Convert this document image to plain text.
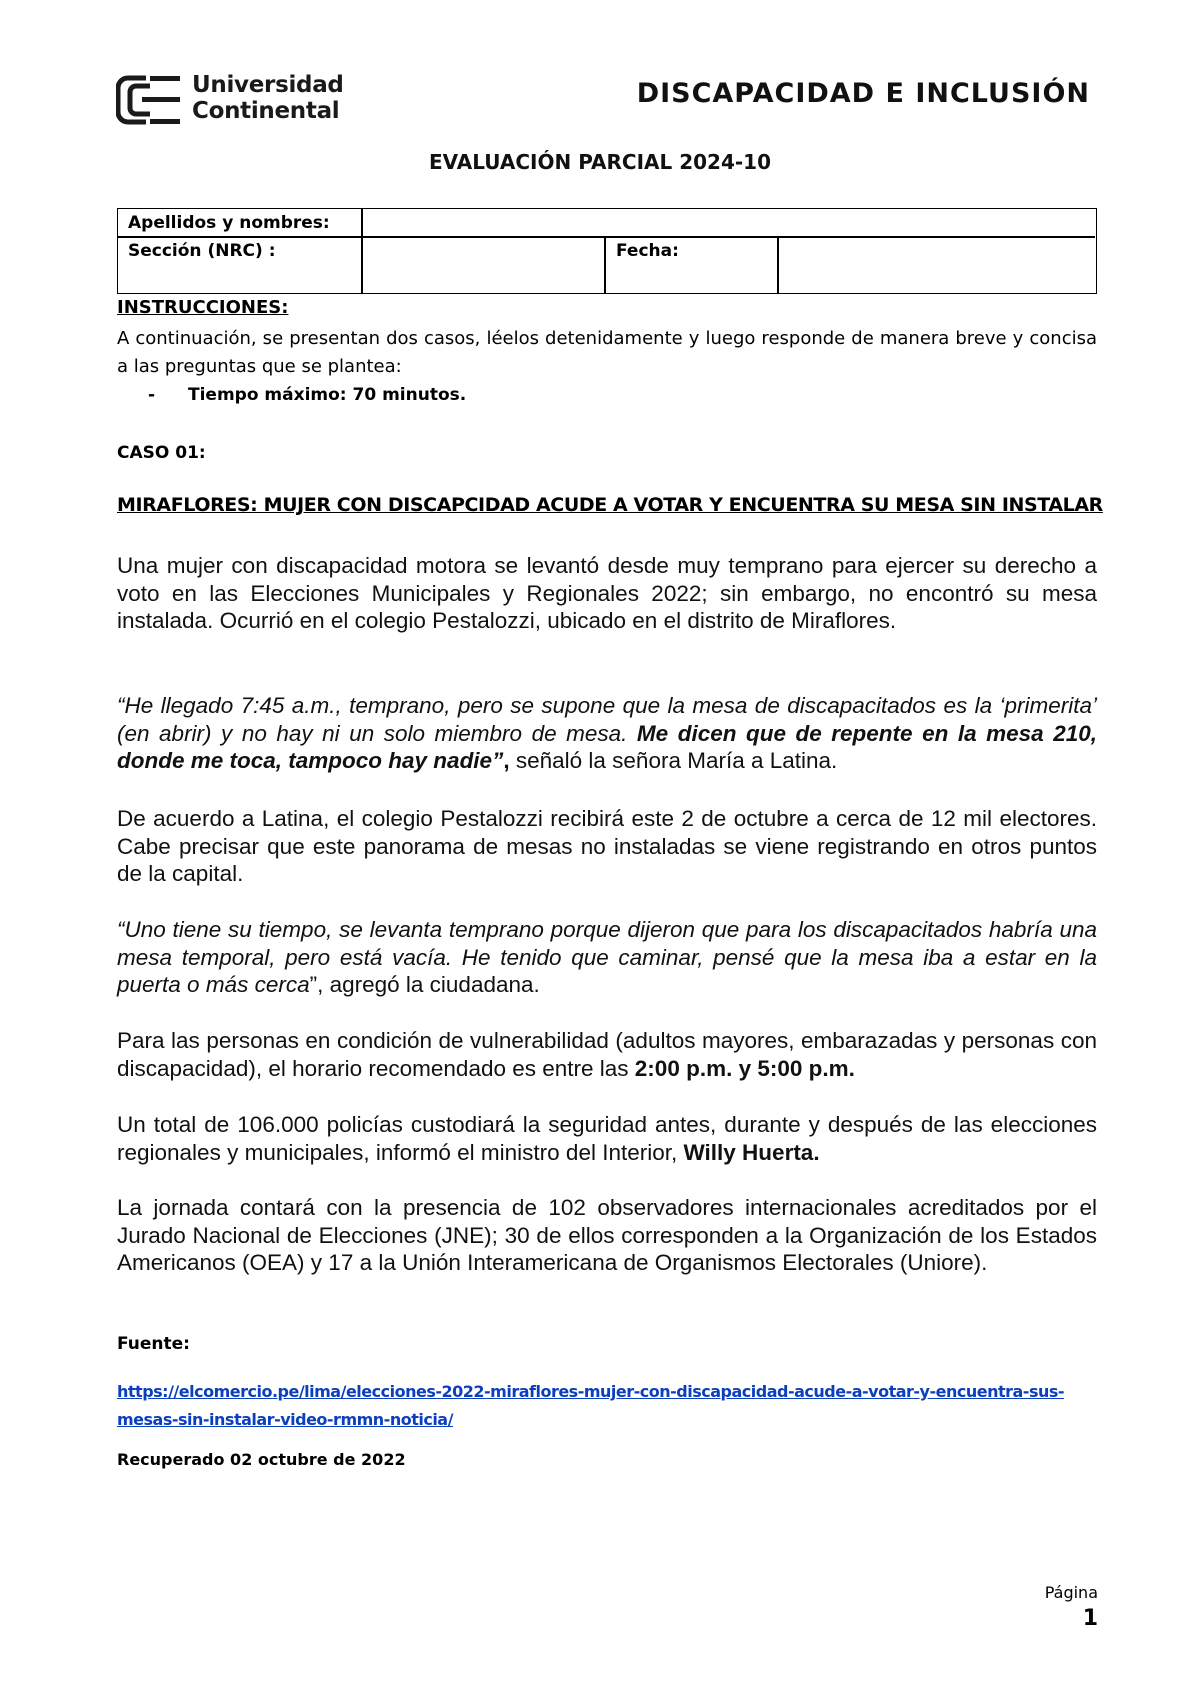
Universidad
Continental
DISCAPACIDAD E INCLUSIÓN
EVALUACIÓN PARCIAL 2024-10
Apellidos y nombres:
Sección (NRC) :	Fecha:
INSTRUCCIONES:
A continuación, se presentan dos casos, léelos detenidamente y luego responde de manera breve y concisa a las preguntas que se plantea:
- Tiempo máximo: 70 minutos.
CASO 01:
MIRAFLORES: MUJER CON DISCAPCIDAD ACUDE A VOTAR Y ENCUENTRA SU MESA SIN INSTALAR
Una mujer con discapacidad motora se levantó desde muy temprano para ejercer su derecho a voto en las Elecciones Municipales y Regionales 2022; sin embargo, no encontró su mesa instalada. Ocurrió en el colegio Pestalozzi, ubicado en el distrito de Miraflores.
“He llegado 7:45 a.m., temprano, pero se supone que la mesa de discapacitados es la ‘primerita’ (en abrir) y no hay ni un solo miembro de mesa. Me dicen que de repente en la mesa 210, donde me toca, tampoco hay nadie”, señaló la señora María a Latina.
De acuerdo a Latina, el colegio Pestalozzi recibirá este 2 de octubre a cerca de 12 mil electores. Cabe precisar que este panorama de mesas no instaladas se viene registrando en otros puntos de la capital.
“Uno tiene su tiempo, se levanta temprano porque dijeron que para los discapacitados habría una mesa temporal, pero está vacía. He tenido que caminar, pensé que la mesa iba a estar en la puerta o más cerca”, agregó la ciudadana.
Para las personas en condición de vulnerabilidad (adultos mayores, embarazadas y personas con discapacidad), el horario recomendado es entre las 2:00 p.m. y 5:00 p.m.
Un total de 106.000 policías custodiará la seguridad antes, durante y después de las elecciones regionales y municipales, informó el ministro del Interior, Willy Huerta.
La jornada contará con la presencia de 102 observadores internacionales acreditados por el Jurado Nacional de Elecciones (JNE); 30 de ellos corresponden a la Organización de los Estados Americanos (OEA) y 17 a la Unión Interamericana de Organismos Electorales (Uniore).
Fuente:
https://elcomercio.pe/lima/elecciones-2022-miraflores-mujer-con-discapacidad-acude-a-votar-y-encuentra-sus-mesas-sin-instalar-video-rmmn-noticia/
Recuperado 02 octubre de 2022
Página
1
